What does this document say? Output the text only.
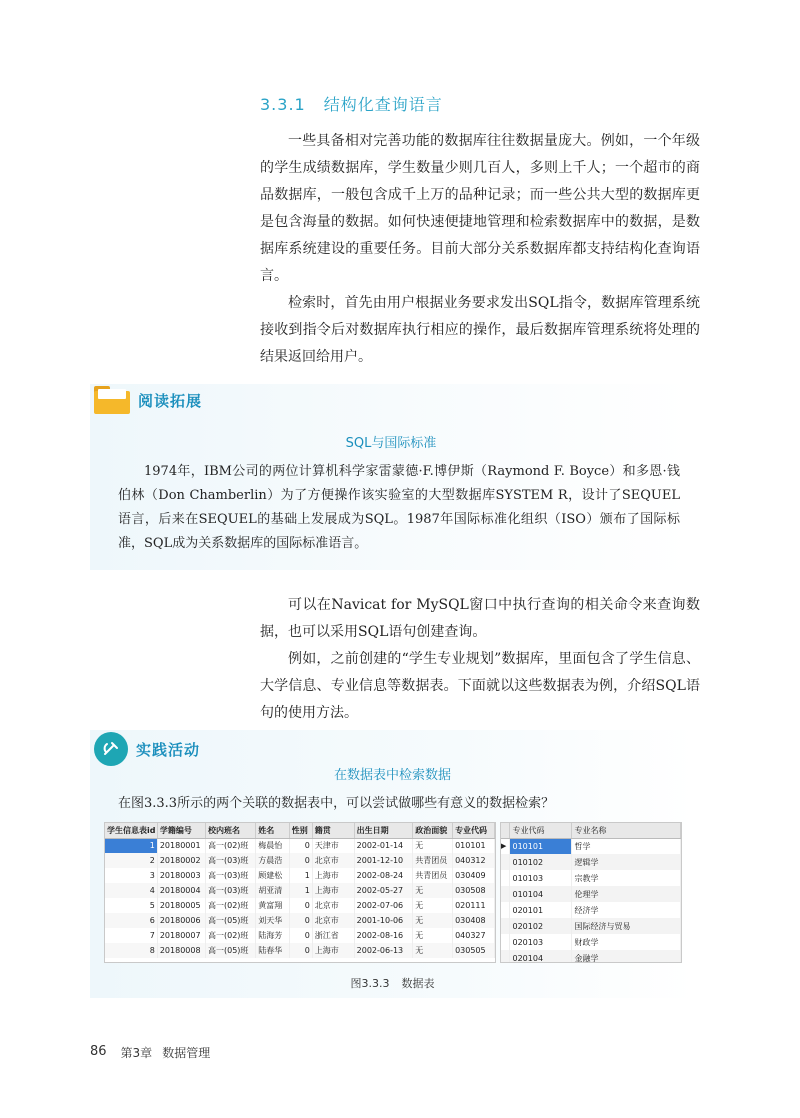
3.3.1 结构化查询语言

一些具备相对完善功能的数据库往往数据量庞大。例如，一个年级的学生成绩数据库，学生数量少则几百人，多则上千人；一个超市的商品数据库，一般包含成千上万的品种记录；而一些公共大型的数据库更是包含海量的数据。如何快速便捷地管理和检索数据库中的数据，是数据库系统建设的重要任务。目前大部分关系数据库都支持结构化查询语言。

检索时，首先由用户根据业务要求发出SQL指令，数据库管理系统接收到指令后对数据库执行相应的操作，最后数据库管理系统将处理的结果返回给用户。

阅读拓展
SQL与国际标准

1974年，IBM公司的两位计算机科学家雷蒙德·F.博伊斯（Raymond F. Boyce）和多恩·钱伯林（Don Chamberlin）为了方便操作该实验室的大型数据库SYSTEM R，设计了SEQUEL语言，后来在SEQUEL的基础上发展成为SQL。1987年国际标准化组织（ISO）颁布了国际标准，SQL成为关系数据库的国际标准语言。

可以在Navicat for MySQL窗口中执行查询的相关命令来查询数据，也可以采用SQL语句创建查询。

例如，之前创建的“学生专业规划”数据库，里面包含了学生信息、大学信息、专业信息等数据表。下面就以这些数据表为例，介绍SQL语句的使用方法。

实践活动
在数据表中检索数据

在图3.3.3所示的两个关联的数据表中，可以尝试做哪些有意义的数据检索？

学生信息表id	学籍编号	校内班名	姓名	性别	籍贯	出生日期	政治面貌	专业代码
1	20180001	高一(02)班	梅晨怡	0	天津市	2002-01-14	无	010101
2	20180002	高一(03)班	方晨浩	0	北京市	2001-12-10	共青团员	040312
3	20180003	高一(03)班	顾建松	1	上海市	2002-08-24	共青团员	030409
4	20180004	高一(03)班	胡亚清	1	上海市	2002-05-27	无	030508
5	20180005	高一(02)班	黄富翔	0	北京市	2002-07-06	无	020111
6	20180006	高一(05)班	刘天华	0	北京市	2001-10-06	无	030408
7	20180007	高一(02)班	陆海芳	0	浙江省	2002-08-16	无	040327
8	20180008	高一(05)班	陆春华	0	上海市	2002-06-13	无	030505
	专业代码	专业名称
▶	010101	哲学
	010102	逻辑学
	010103	宗教学
	010104	伦理学
	020101	经济学
	020102	国际经济与贸易
	020103	财政学
	020104	金融学
图3.3.3 数据表
86 第3章 数据管理
